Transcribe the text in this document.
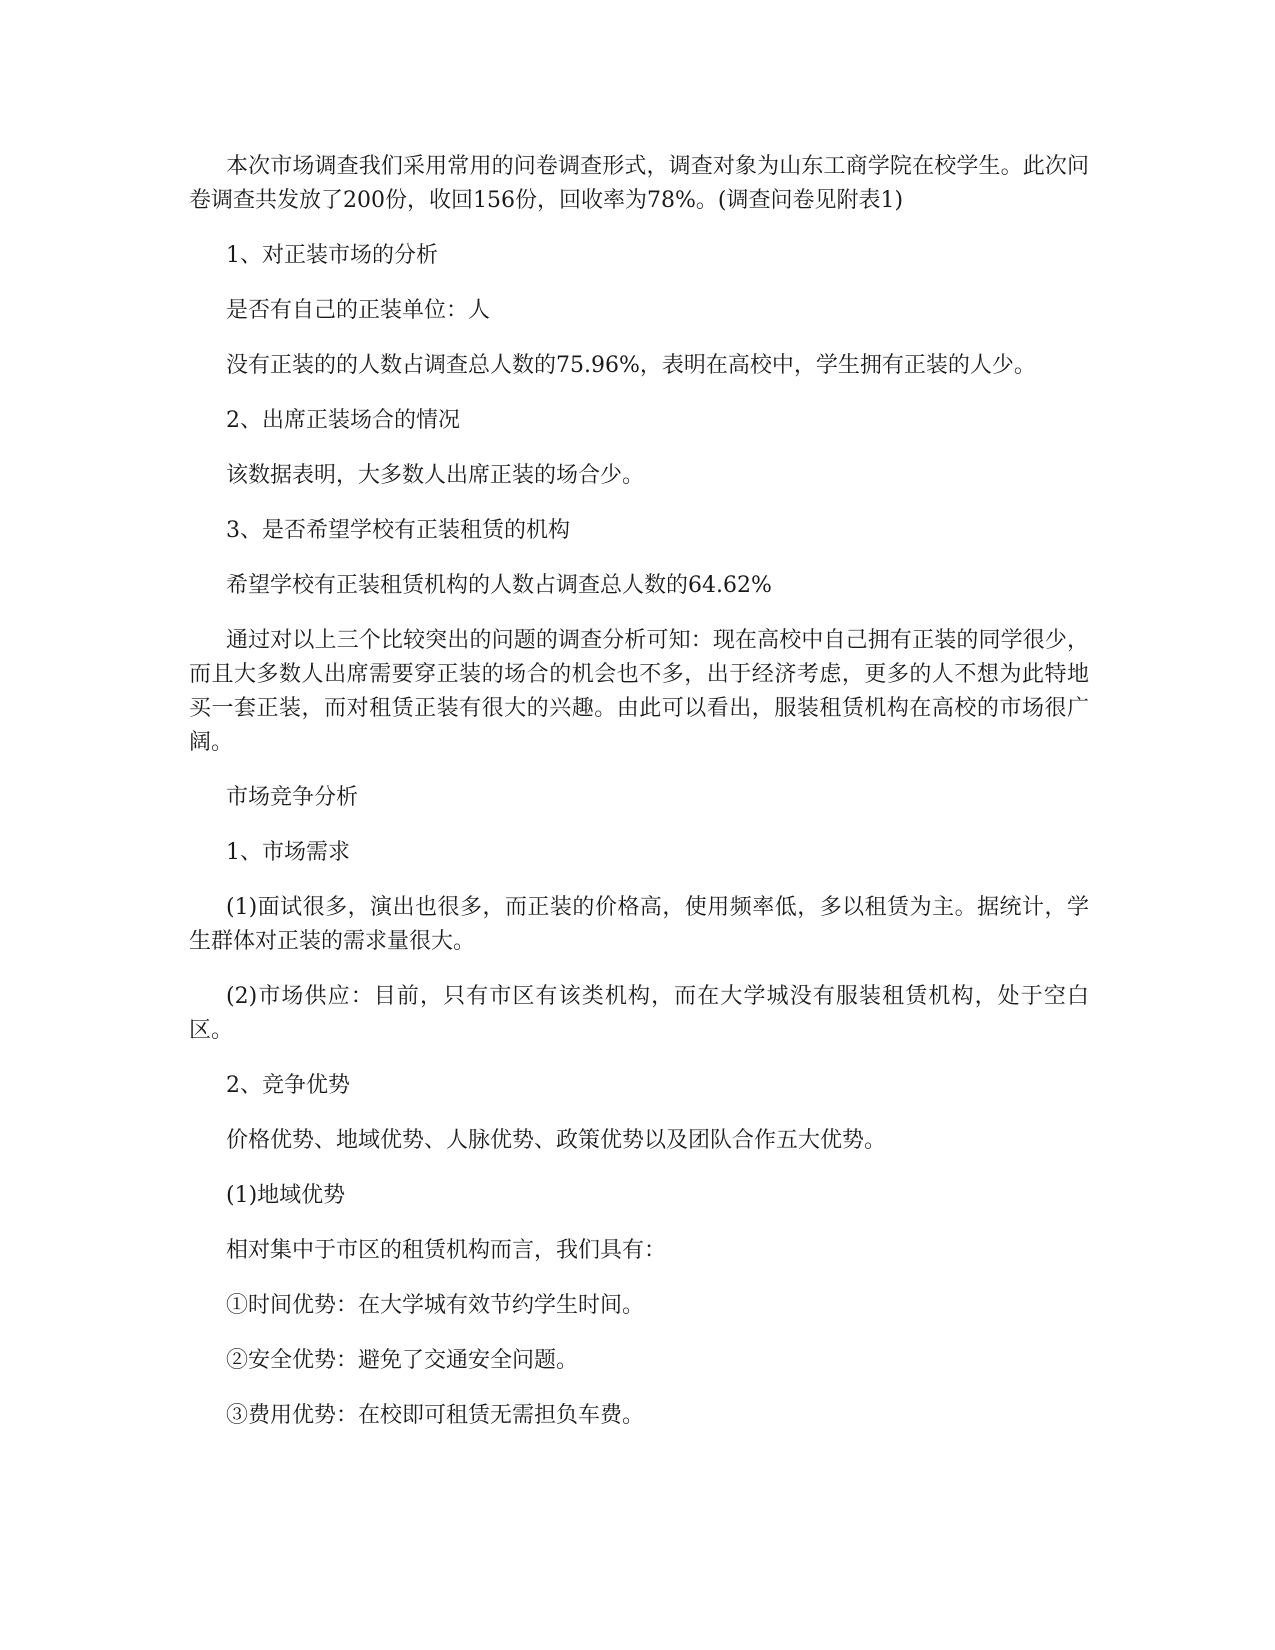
本次市场调查我们采用常用的问卷调查形式，调查对象为山东工商学院在校学生。此次问卷调查共发放了200份，收回156份，回收率为78%。(调查问卷见附表1)

1、对正装市场的分析

是否有自己的正装单位：人

没有正装的的人数占调查总人数的75.96%，表明在高校中，学生拥有正装的人少。

2、出席正装场合的情况

该数据表明，大多数人出席正装的场合少。

3、是否希望学校有正装租赁的机构

希望学校有正装租赁机构的人数占调查总人数的64.62%

通过对以上三个比较突出的问题的调查分析可知：现在高校中自己拥有正装的同学很少，而且大多数人出席需要穿正装的场合的机会也不多，出于经济考虑，更多的人不想为此特地买一套正装，而对租赁正装有很大的兴趣。由此可以看出，服装租赁机构在高校的市场很广阔。

市场竞争分析

1、市场需求

(1)面试很多，演出也很多，而正装的价格高，使用频率低，多以租赁为主。据统计，学生群体对正装的需求量很大。

(2)市场供应：目前，只有市区有该类机构，而在大学城没有服装租赁机构，处于空白区。

2、竞争优势

价格优势、地域优势、人脉优势、政策优势以及团队合作五大优势。

(1)地域优势

相对集中于市区的租赁机构而言，我们具有：

①时间优势：在大学城有效节约学生时间。

②安全优势：避免了交通安全问题。

③费用优势：在校即可租赁无需担负车费。
